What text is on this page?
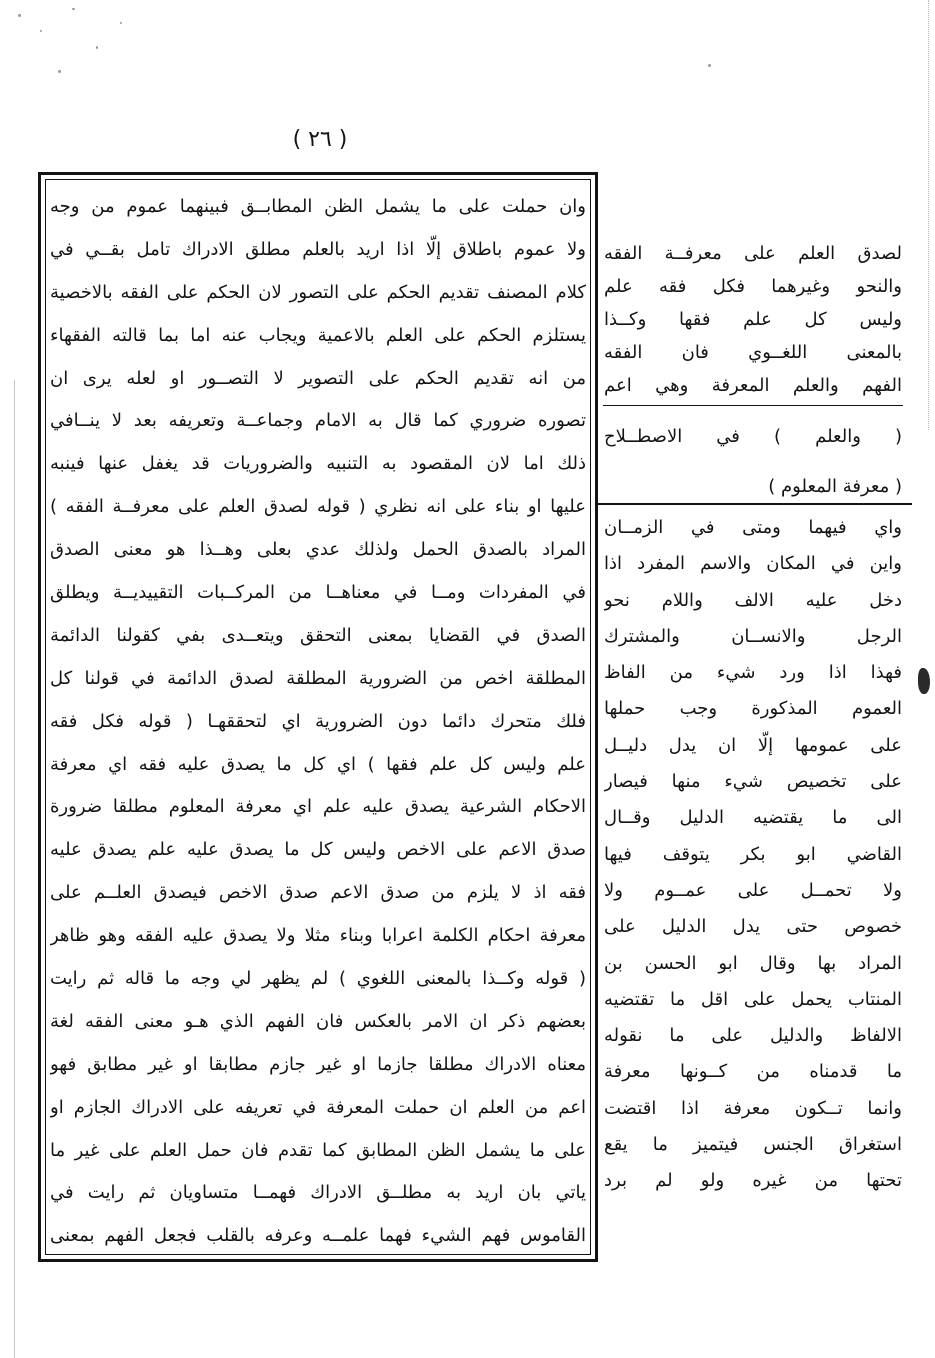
( ٢٦ )
وان حملت على ما يشمل الظن المطابــق فبينهما عموم من وجه
ولا عموم باطلاق إلّا اذا اريد بالعلم مطلق الادراك تامل بقــي في
كلام المصنف تقديم الحكم على التصور لان الحكم على الفقه بالاخصية
يستلزم الحكم على العلم بالاعمية ويجاب عنه اما بما قالته الفقهاء
من انه تقديم الحكم على التصوير لا التصــور او لعله يرى ان
تصوره ضروري كما قال به الامام وجماعــة وتعريفه بعد لا ينــافي
ذلك اما لان المقصود به التنبيه والضروريات قد يغفل عنها فينبه
عليها او بناء على انه نظري ( قوله لصدق العلم على معرفــة الفقه )
المراد بالصدق الحمل ولذلك عدي بعلى وهــذا هو معنى الصدق
في المفردات ومــا في معناهــا من المركــبات التقييديــة ويطلق
الصدق في القضايا بمعنى التحقق ويتعــدى بفي كقولنا الدائمة
المطلقة اخص من الضرورية المطلقة لصدق الدائمة في قولنا كل
فلك متحرك دائما دون الضرورية اي لتحققهـا ( قوله فكل فقه
علم وليس كل علم فقها ) اي كل ما يصدق عليه فقه اي معرفة
الاحكام الشرعية يصدق عليه علم اي معرفة المعلوم مطلقا ضرورة
صدق الاعم على الاخص وليس كل ما يصدق عليه علم يصدق عليه
فقه اذ لا يلزم من صدق الاعم صدق الاخص فيصدق العلــم على
معرفة احكام الكلمة اعرابا وبناء مثلا ولا يصدق عليه الفقه وهو ظاهر
( قوله وكــذا بالمعنى اللغوي ) لم يظهر لي وجه ما قاله ثم رايت
بعضهم ذكر ان الامر بالعكس فان الفهم الذي هـو معنى الفقه لغة
معناه الادراك مطلقا جازما او غير جازم مطابقا او غير مطابق فهو
اعم من العلم ان حملت المعرفة في تعريفه على الادراك الجازم او
على ما يشمل الظن المطابق كما تقدم فان حمل العلم على غير ما
ياتي بان اريد به مطلــق الادراك فهمــا متساويان ثم رايت في
القاموس فهم الشيء فهما علمــه وعرفه بالقلب فجعل الفهم بمعنى
لصدق العلم على معرفــة الفقه
والنحو وغيرهما فكل فقه علم
وليس كل علم فقها وكــذا
بالمعنى اللغــوي فان الفقه
الفهم والعلم المعرفة وهي اعم
( والعلم ) في الاصطــلاح
( معرفة المعلوم )
واي فيهما ومتى في الزمــان
واين في المكان والاسم المفرد اذا
دخل عليه الالف واللام نحو
الرجل والانســان والمشترك
فهذا اذا ورد شيء من الفاظ
العموم المذكورة وجب حملها
على عمومها إلّا ان يدل دليــل
على تخصيص شيء منها فيصار
الى ما يقتضيه الدليل وقــال
القاضي ابو بكر يتوقف فيها
ولا تحمــل على عمــوم ولا
خصوص حتى يدل الدليل على
المراد بها وقال ابو الحسن بن
المنتاب يحمل على اقل ما تقتضيه
الالفاظ والدليل على ما نقوله
ما قدمناه من كــونها معرفة
وانما تــكون معرفة اذا اقتضت
استغراق الجنس فيتميز ما يقع
تحتها من غيره ولو لم برد
